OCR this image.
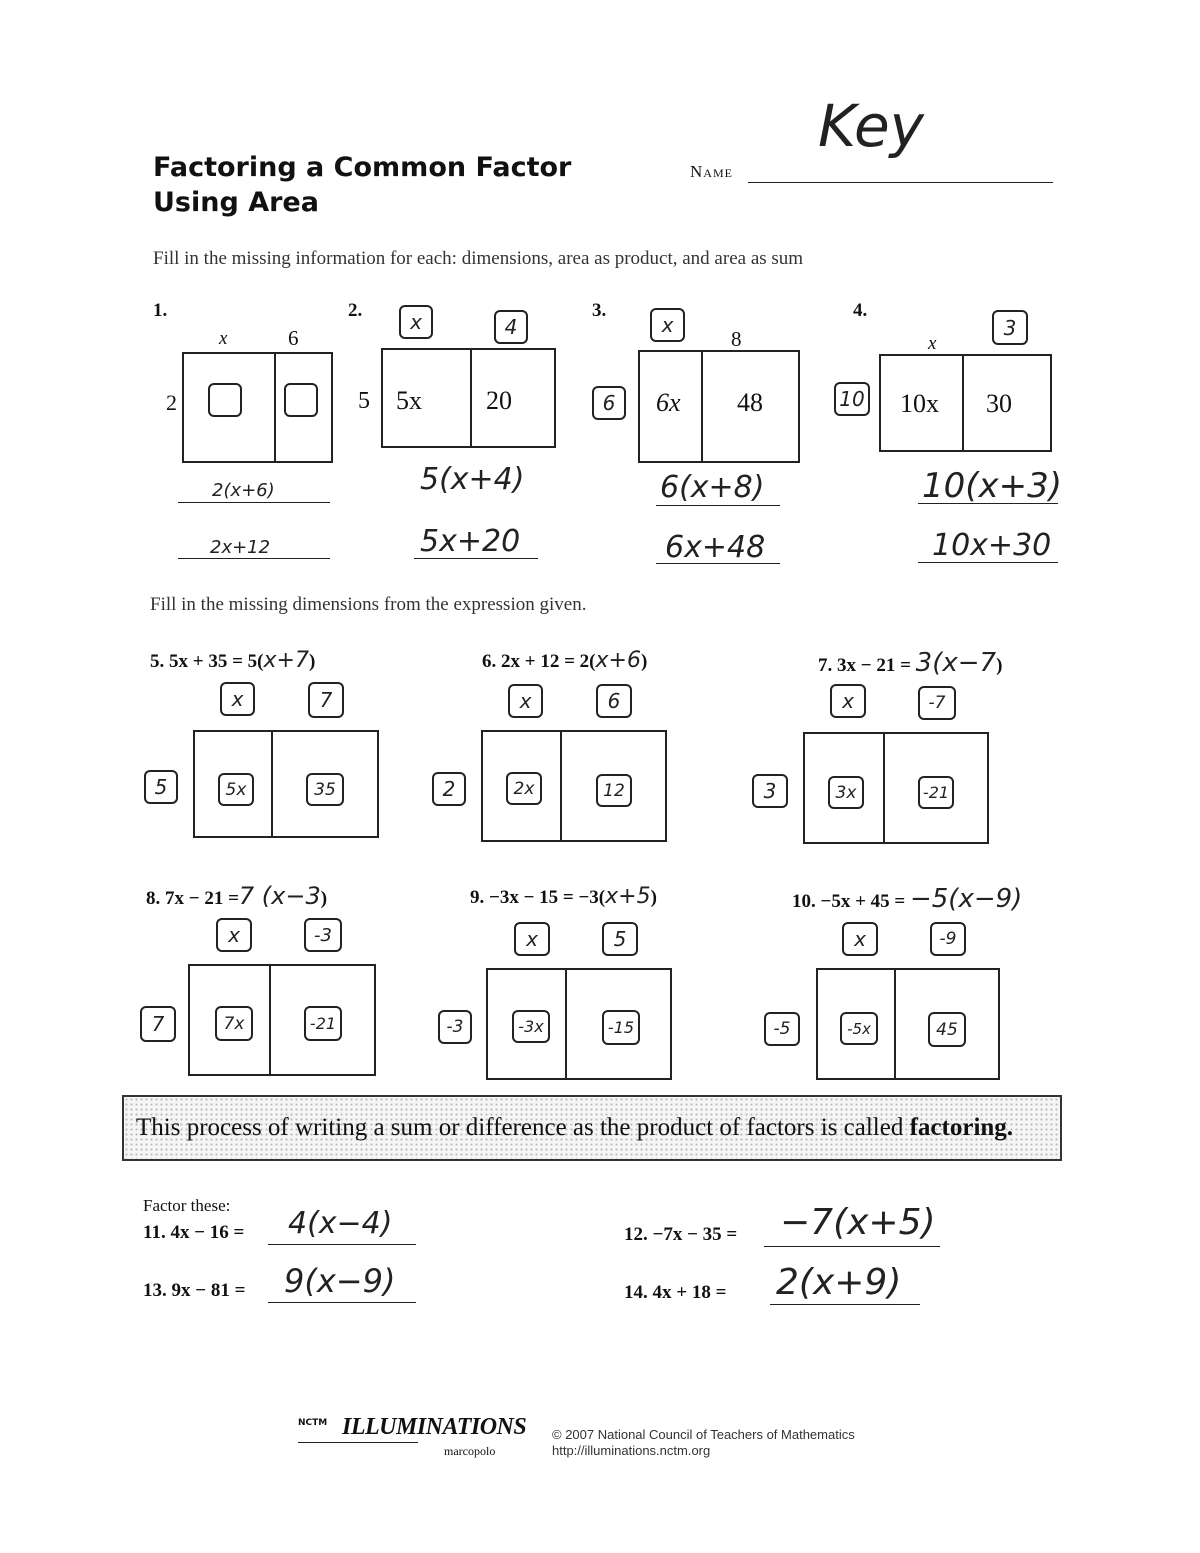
Factoring a Common Factor
Using Area
Name
Key
Fill in the missing information for each: dimensions, area as product, and area as sum
1.
x	6
2
2(x+6)
2x+12
2.	x	4
5 5x 20
5(x+4)
5x+20
3.
x
8
6	6x 48
6(x+8)
6x+48
4.
x
3
10 10x 30
10(x+3)
10x+30
Fill in the missing dimensions from the expression given.
5. 5x + 35 = 5(x+7)
x	7
5	5x	35
6. 2x + 12 = 2(x+6)
x	6
2	2x	12
7. 3x − 21 = 3(x−7)
x	-7
3	3x	-21
8. 7x − 21 =7 (x−3)
x	-3
7	7x	-21
9. −3x − 15 = −3(x+5)
x	5
-3	-3x	-15
10. −5x + 45 = −5(x−9)
x	-9
-5	-5x	45
This process of writing a sum or difference as the product of factors is called
factoring.
Factor these:
11. 4x − 16 = 4(x−4)	12. −7x − 35 = −7(x+5)
13. 9x − 81 = 9(x−9)	14. 4x + 18 = 2(x+9)
NCTM ILLUMINATIONS
marcopolo
© 2007 National Council of Teachers of Mathematics
http://illuminations.nctm.org
